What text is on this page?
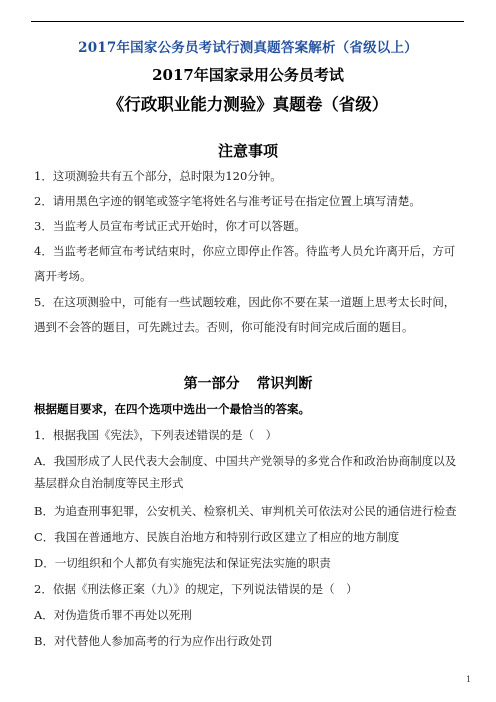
2017年国家公务员考试行测真题答案解析（省级以上）
2017年国家录用公务员考试
《行政职业能力测验》真题卷（省级）
注意事项
1．这项测验共有五个部分，总时限为120分钟。
2．请用黑色字迹的钢笔或签字笔将姓名与准考证号在指定位置上填写清楚。
3．当监考人员宣布考试正式开始时，你才可以答题。
4．当监考老师宣布考试结束时，你应立即停止作答。待监考人员允许离开后，方可离开考场。
5．在这项测验中，可能有一些试题较难，因此你不要在某一道题上思考太长时间，遇到不会答的题目，可先跳过去。否则，你可能没有时间完成后面的题目。
第一部分 常识判断
根据题目要求，在四个选项中选出一个最恰当的答案。
1．根据我国《宪法》，下列表述错误的是（　）
A．我国形成了人民代表大会制度、中国共产党领导的多党合作和政治协商制度以及基层群众自治制度等民主形式
B．为追查刑事犯罪，公安机关、检察机关、审判机关可依法对公民的通信进行检查
C．我国在普通地方、民族自治地方和特别行政区建立了相应的地方制度
D．一切组织和个人都负有实施宪法和保证宪法实施的职责
2．依据《刑法修正案（九）》的规定，下列说法错误的是（　）
A．对伪造货币罪不再处以死刑
B．对代替他人参加高考的行为应作出行政处罚
1
